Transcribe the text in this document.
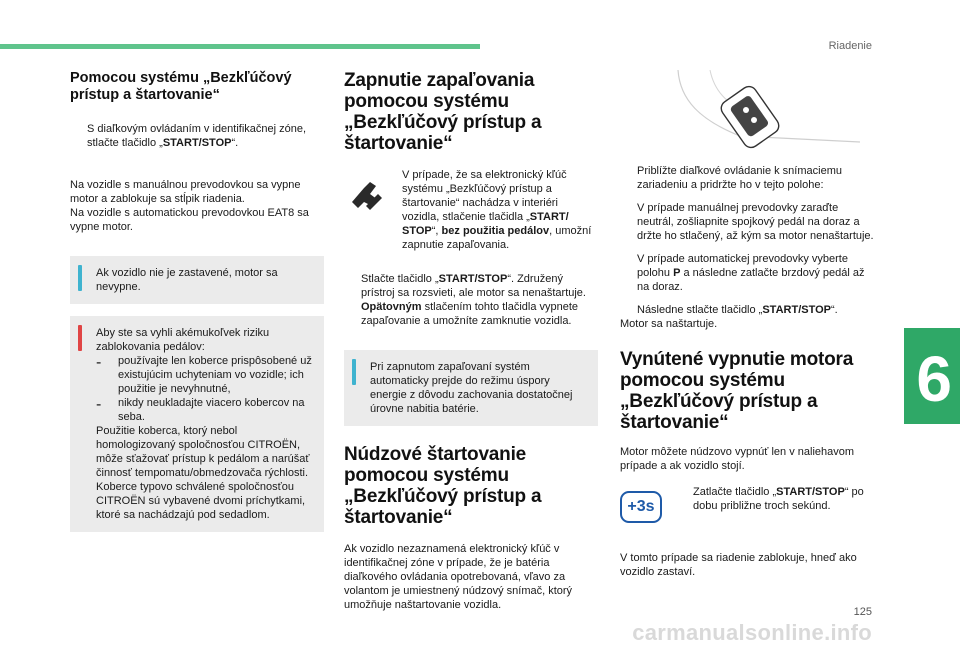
Riadenie
6
Pomocou systému „Bezkľúčový prístup a štartovanie“

S diaľkovým ovládaním v identifikačnej zóne, stlačte tlačidlo „START/STOP“.

Na vozidle s manuálnou prevodovkou sa vypne motor a zablokuje sa stĺpik riadenia.

Na vozidle s automatickou prevodovkou EAT8 sa vypne motor.

Ak vozidlo nie je zastavené, motor sa nevypne.

Aby ste sa vyhli akémukoľvek riziku zablokovania pedálov:

-	používajte len koberce prispôsobené už existujúcim uchyteniam vo vozidle; ich použitie je nevyhnutné,

-	nikdy neukladajte viacero kobercov na seba.

Použitie koberca, ktorý nebol homologizovaný spoločnosťou CITROËN, môže sťažovať prístup k pedálom a narúšať činnosť tempomatu/obmedzovača rýchlosti.

Koberce typovo schválené spoločnosťou CITROËN sú vybavené dvomi príchytkami, ktoré sa nachádzajú pod sedadlom.

Zapnutie zapaľovania pomocou systému „Bezkľúčový prístup a štartovanie“

V prípade, že sa elektronický kľúč systému „Bezkľúčový prístup a štartovanie“ nachádza v interiéri vozidla, stlačenie tlačidla „START/ STOP“, bez použitia pedálov, umožní zapnutie zapaľovania.

Stlačte tlačidlo „START/STOP“. Združený prístroj sa rozsvieti, ale motor sa nenaštartuje.

Opätovným stlačením tohto tlačidla vypnete zapaľovanie a umožníte zamknutie vozidla.

Pri zapnutom zapaľovaní systém automaticky prejde do režimu úspory energie z dôvodu zachovania dostatočnej úrovne nabitia batérie.

Núdzové štartovanie pomocou systému „Bezkľúčový prístup a štartovanie“

Ak vozidlo nezaznamená elektronický kľúč v identifikačnej zóne v prípade, že je batéria diaľkového ovládania opotrebovaná, vľavo za volantom je umiestnený núdzový snímač, ktorý umožňuje naštartovanie vozidla.

Priblížte diaľkové ovládanie k snímaciemu zariadeniu a pridržte ho v tejto polohe:

V prípade manuálnej prevodovky zaraďte neutrál, zošliapnite spojkový pedál na doraz a držte ho stlačený, až kým sa motor nenaštartuje.

V prípade automatickej prevodovky vyberte polohu P a následne zatlačte brzdový pedál až na doraz.

Následne stlačte tlačidlo „START/STOP“.

Motor sa naštartuje.

Vynútené vypnutie motora pomocou systému „Bezkľúčový prístup a štartovanie“

Motor môžete núdzovo vypnúť len v naliehavom prípade a ak vozidlo stojí.

+3s

Zatlačte tlačidlo „START/STOP“ po dobu približne troch sekúnd.

V tomto prípade sa riadenie zablokuje, hneď ako vozidlo zastaví.

125
carmanualsonline.info
